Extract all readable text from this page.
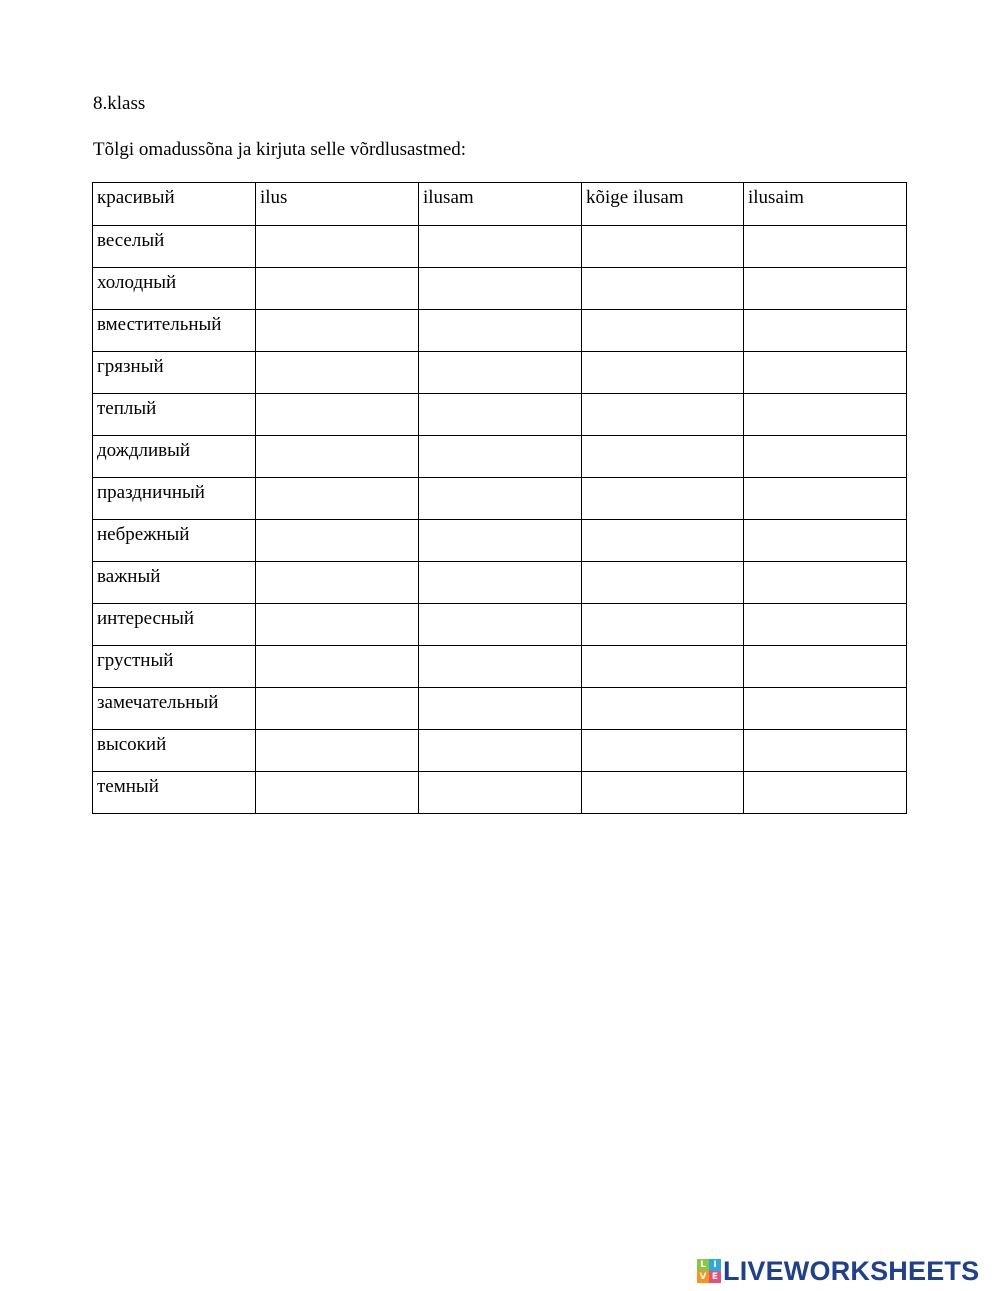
8.klass
Tõlgi omadussõna ja kirjuta selle võrdlusastmed:
красивый	ilus	ilusam	kõige ilusam	ilusaim
веселый				
холодный				
вместительный				
грязный				
теплый				
дождливый				
праздничный				
небрежный				
важный				
интересный				
грустный				
замечательный				
высокий				
темный				
L I
V E LIVEWORKSHEETS
